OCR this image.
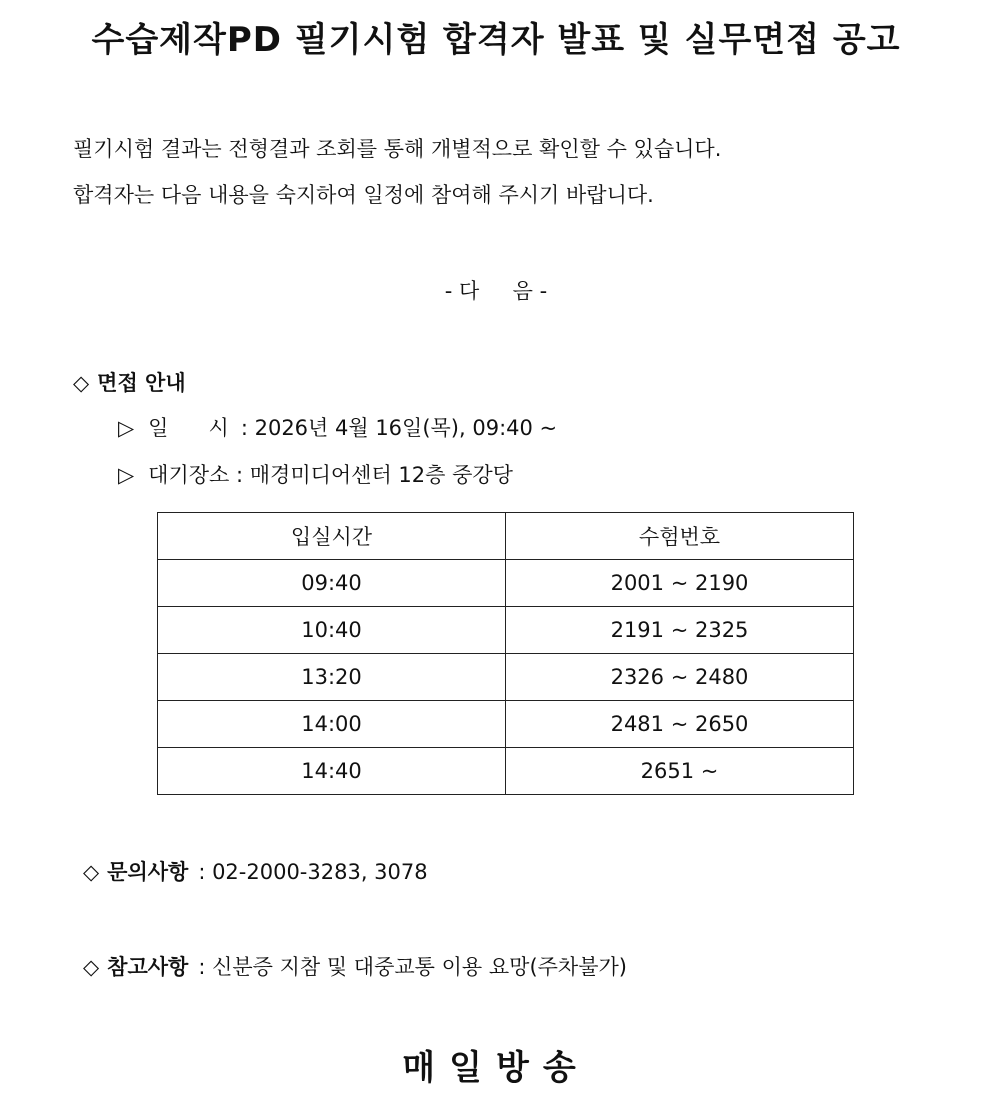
수습제작PD 필기시험 합격자 발표 및 실무면접 공고
필기시험 결과는 전형결과 조회를 통해 개별적으로 확인할 수 있습니다.
합격자는 다음 내용을 숙지하여 일정에 참여해 주시기 바랍니다.
- 다     음 -
◇ 면접 안내
▷ 일      시 : 2026년 4월 16일(목), 09:40 ~
▷ 대기장소 : 매경미디어센터 12층 중강당
입실시간	수험번호
09:40	2001 ~ 2190
10:40	2191 ~ 2325
13:20	2326 ~ 2480
14:00	2481 ~ 2650
14:40	2651 ~
◇ 문의사항 : 02-2000-3283, 3078
◇ 참고사항 : 신분증 지참 및 대중교통 이용 요망(주차불가)
매일방송
